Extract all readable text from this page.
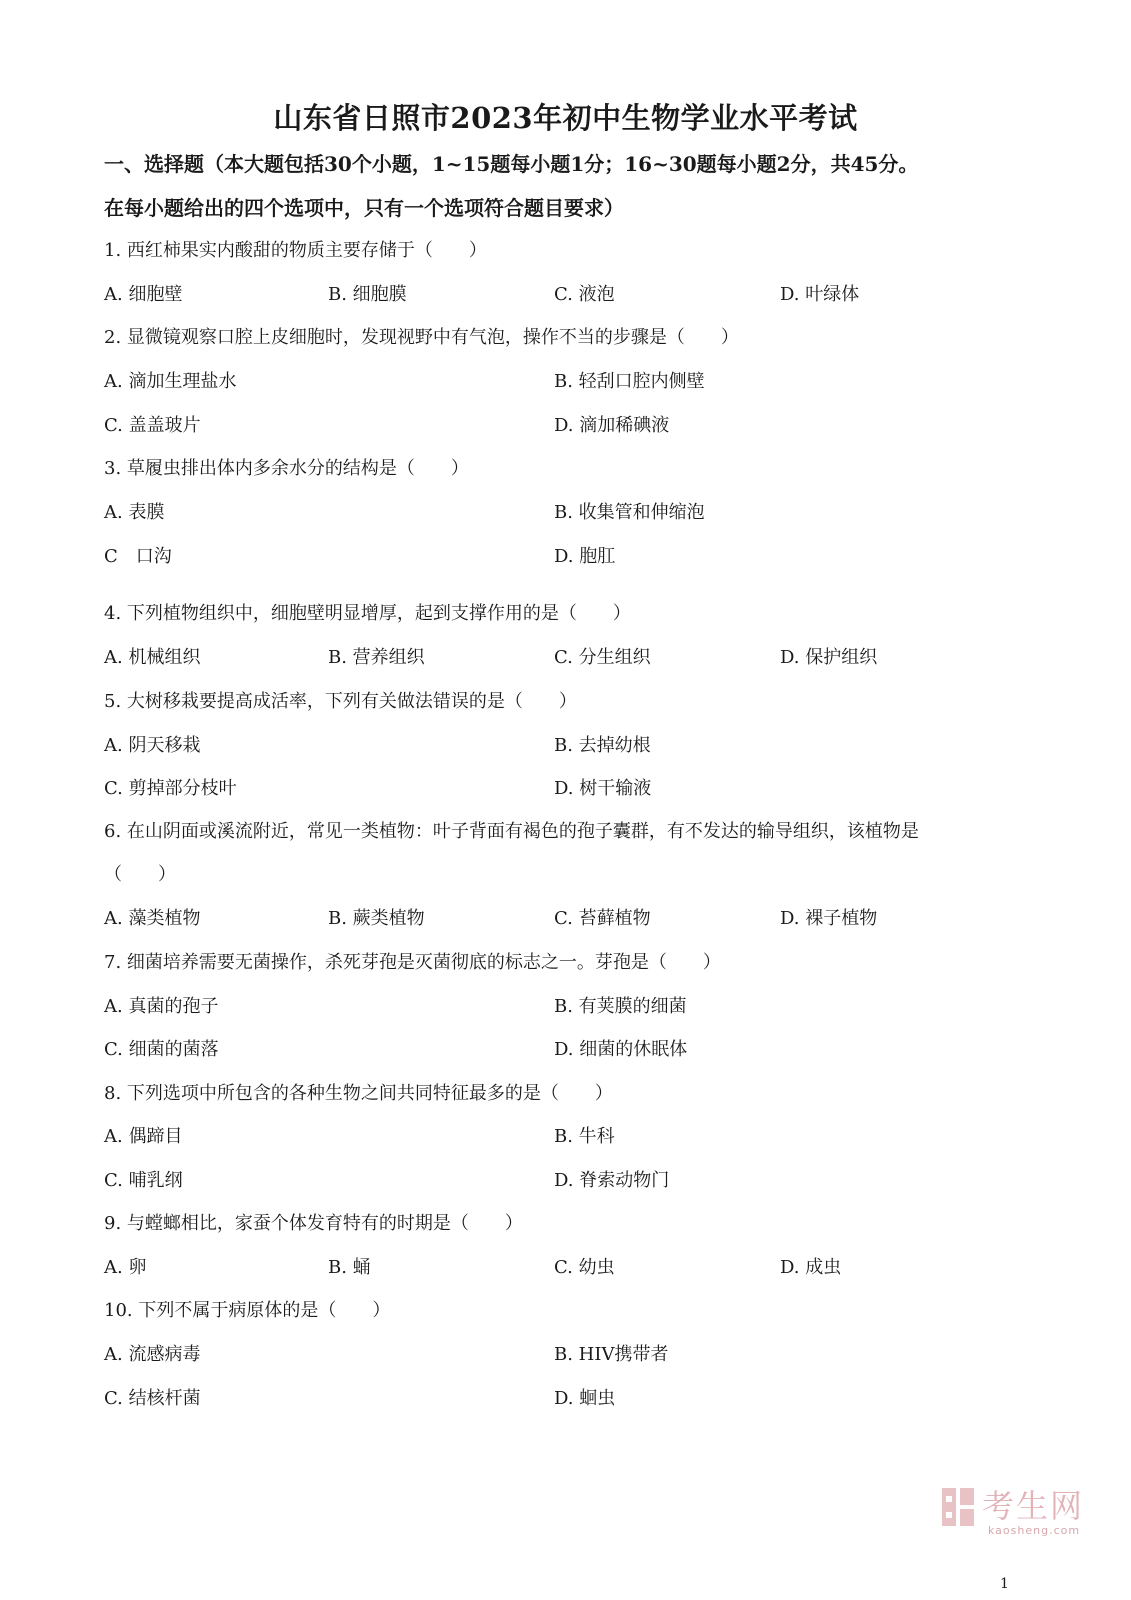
山东省日照市2023年初中生物学业水平考试
一、选择题（本大题包括30个小题，1~15题每小题1分；16~30题每小题2分，共45分。
在每小题给出的四个选项中，只有一个选项符合题目要求）
1. 西红柿果实内酸甜的物质主要存储于（　　）
A. 细胞壁	B. 细胞膜	C. 液泡	D. 叶绿体
2. 显微镜观察口腔上皮细胞时，发现视野中有气泡，操作不当的步骤是（　　）
A. 滴加生理盐水	B. 轻刮口腔内侧壁
C. 盖盖玻片	D. 滴加稀碘液
3. 草履虫排出体内多余水分的结构是（　　）
A. 表膜	B. 收集管和伸缩泡
C　口沟	D. 胞肛
4. 下列植物组织中，细胞壁明显增厚，起到支撑作用的是（　　）
A. 机械组织	B. 营养组织	C. 分生组织	D. 保护组织
5. 大树移栽要提高成活率，下列有关做法错误的是（　　）
A. 阴天移栽	B. 去掉幼根
C. 剪掉部分枝叶	D. 树干输液
6. 在山阴面或溪流附近，常见一类植物：叶子背面有褐色的孢子囊群，有不发达的输导组织，该植物是
（　　）
A. 藻类植物	B. 蕨类植物	C. 苔藓植物	D. 裸子植物
7. 细菌培养需要无菌操作，杀死芽孢是灭菌彻底的标志之一。芽孢是（　　）
A. 真菌的孢子	B. 有荚膜的细菌
C. 细菌的菌落	D. 细菌的休眠体
8. 下列选项中所包含的各种生物之间共同特征最多的是（　　）
A. 偶蹄目	B. 牛科
C. 哺乳纲	D. 脊索动物门
9. 与螳螂相比，家蚕个体发育特有的时期是（　　）
A. 卵	B. 蛹	C. 幼虫	D. 成虫
10. 下列不属于病原体的是（　　）
A. 流感病毒	B. HIV携带者
C. 结核杆菌	D. 蛔虫
考生网
kaosheng.com
1
